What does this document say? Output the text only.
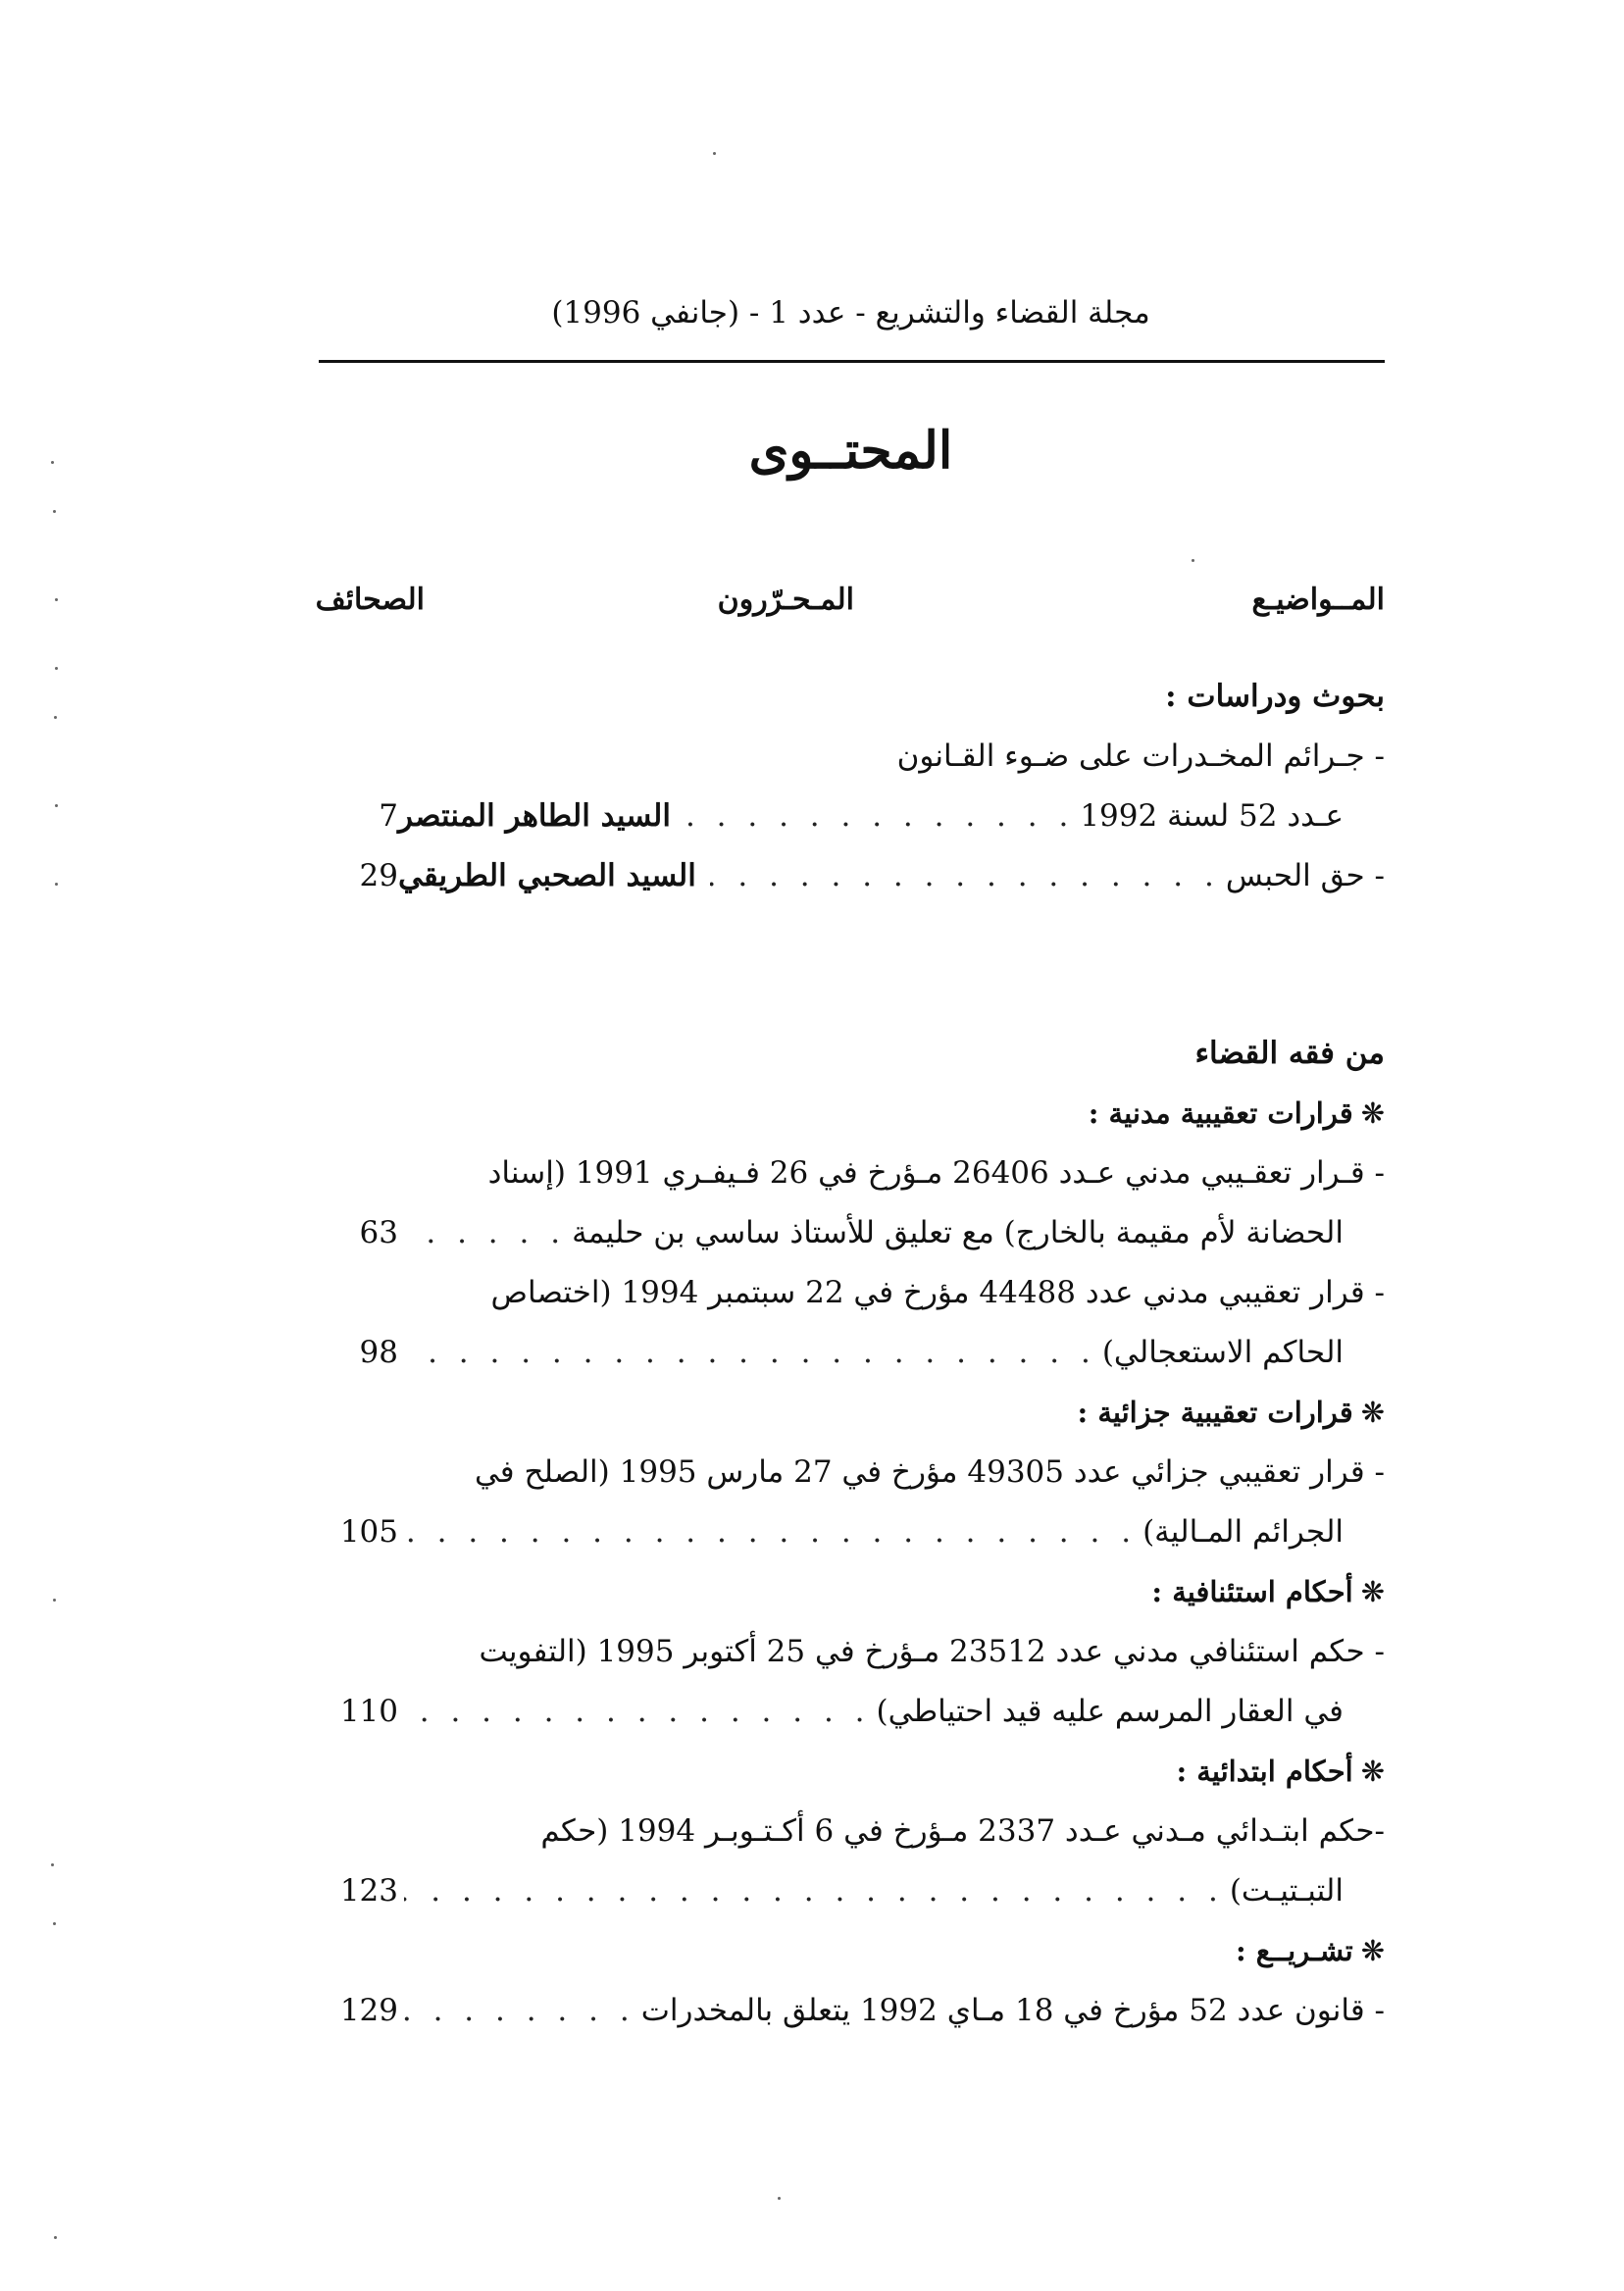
مجلة القضاء والتشريع - عدد 1 - (جانفي 1996)
المحتــوى
المــواضيـع
المـحـرّرون
الصحائف
بحوث ودراسات :
- جـرائم المخـدرات على ضـوء القـانون
عـدد 52 لسنة 1992
. . .
السيد الطاهر المنتصر
7
- حق الحبس
. . .
السيد الصحبي الطريقي
29
من فقه القضاء
❋قرارات تعقيبية مدنية :
- قـرار تعقـيبي مدني عـدد 26406 مـؤرخ في 26 فـيفـري 1991 (إسناد
الحضانة لأم مقيمة بالخارج) مع تعليق للأستاذ ساسي بن حليمة
. . .
63
- قرار تعقيبي مدني عدد 44488 مؤرخ في 22 سبتمبر 1994 (اختصاص
الحاكم الاستعجالي)
. . .
98
❋قرارات تعقيبية جزائية :
- قرار تعقيبي جزائي عدد 49305 مؤرخ في 27 مارس 1995 (الصلح في
الجرائم المـالية)
. . .
105
❋أحكام استئنافية :
- حكم استئنافي مدني عدد 23512 مـؤرخ في 25 أكتوبر 1995 (التفويت
في العقار المرسم عليه قيد احتياطي)
. . .
110
❋أحكام ابتدائية :
-حكم ابتـدائي مـدني عـدد 2337 مـؤرخ في 6 أكـتـوبـر 1994 (حكم
التبـتيـت)
. . .
123
❋تشـريــع :
- قانون عدد 52 مؤرخ في 18 مـاي 1992 يتعلق بالمخدرات
. . .
129
